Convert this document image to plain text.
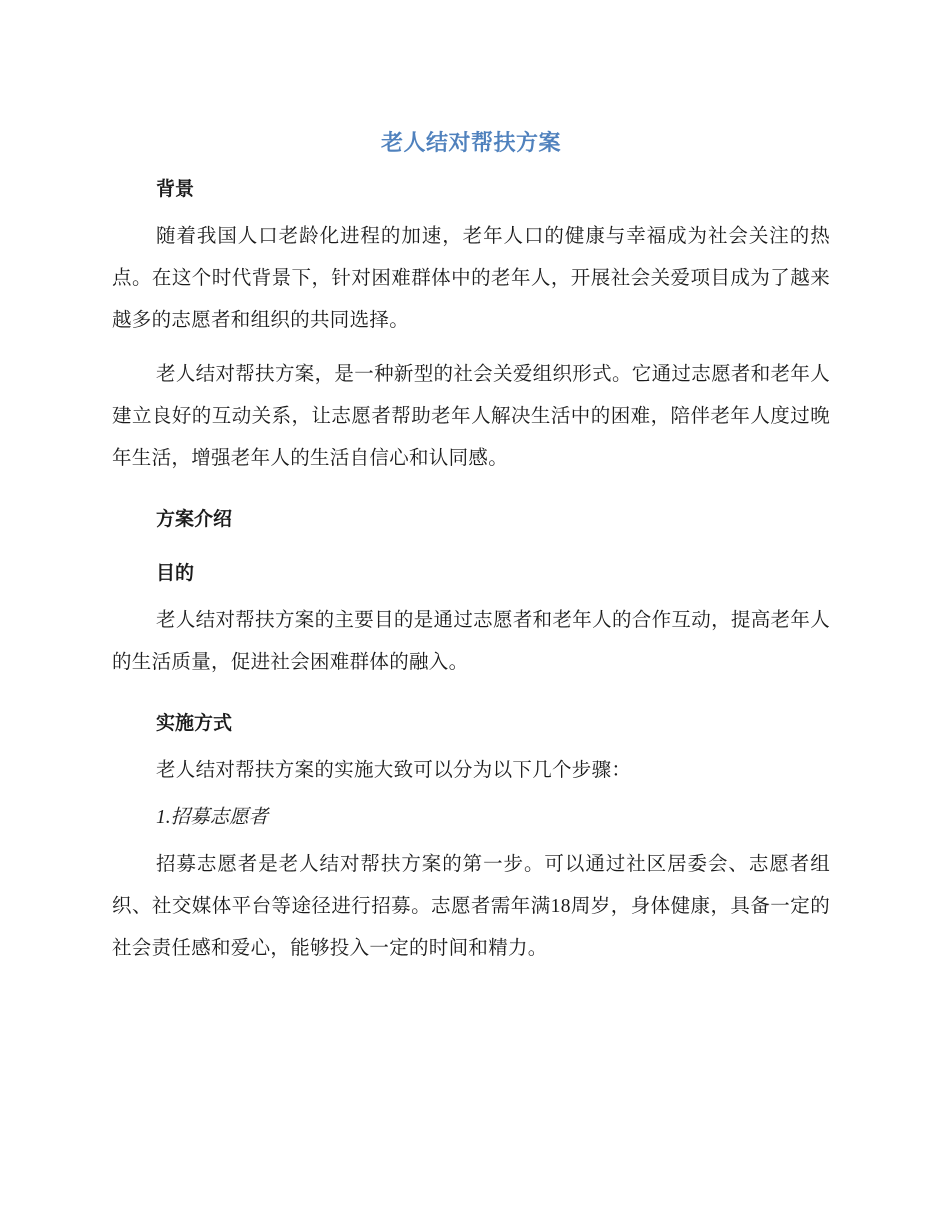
老人结对帮扶方案
背景

随着我国人口老龄化进程的加速，老年人口的健康与幸福成为社会关注的热点。在这个时代背景下，针对困难群体中的老年人，开展社会关爱项目成为了越来越多的志愿者和组织的共同选择。

老人结对帮扶方案，是一种新型的社会关爱组织形式。它通过志愿者和老年人建立良好的互动关系，让志愿者帮助老年人解决生活中的困难，陪伴老年人度过晚年生活，增强老年人的生活自信心和认同感。

方案介绍
目的

老人结对帮扶方案的主要目的是通过志愿者和老年人的合作互动，提高老年人的生活质量，促进社会困难群体的融入。

实施方式

老人结对帮扶方案的实施大致可以分为以下几个步骤：

1.招募志愿者

招募志愿者是老人结对帮扶方案的第一步。可以通过社区居委会、志愿者组织、社交媒体平台等途径进行招募。志愿者需年满18周岁，身体健康，具备一定的社会责任感和爱心，能够投入一定的时间和精力。
